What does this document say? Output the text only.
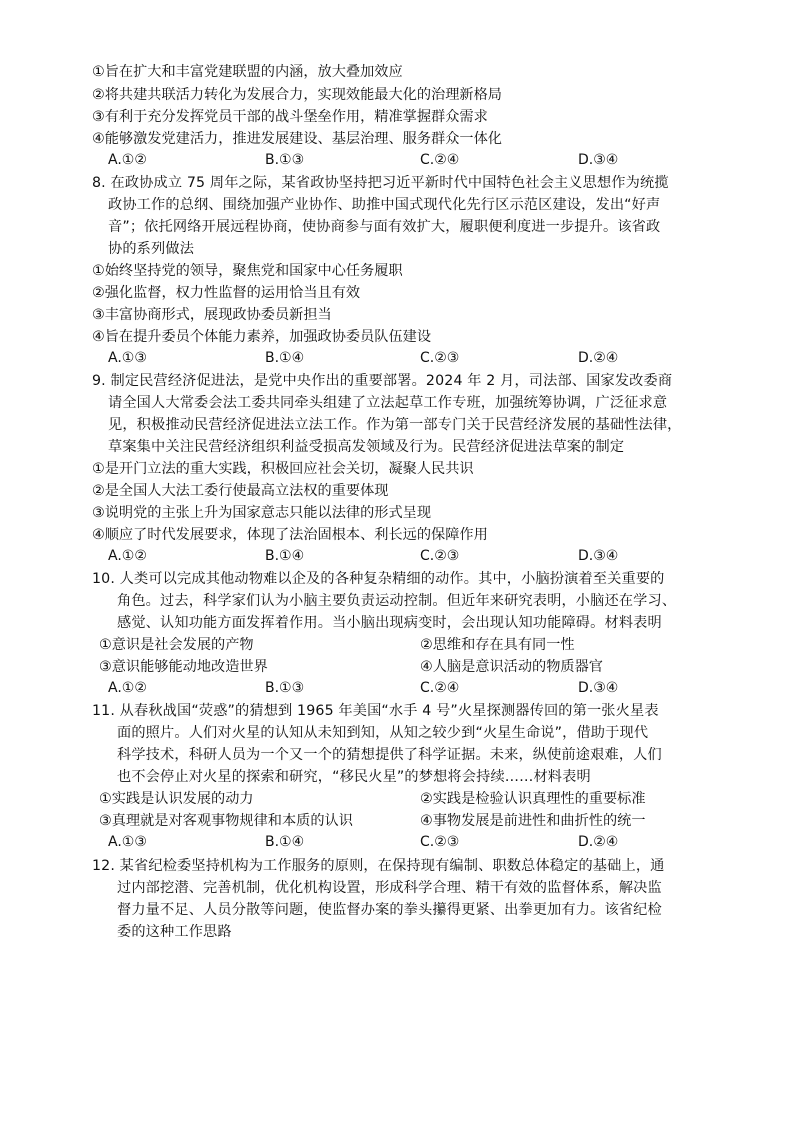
①旨在扩大和丰富党建联盟的内涵，放大叠加效应
②将共建共联活力转化为发展合力，实现效能最大化的治理新格局
③有利于充分发挥党员干部的战斗堡垒作用，精准掌握群众需求
④能够激发党建活力，推进发展建设、基层治理、服务群众一体化
A.①②	B.①③	C.②④	D.③④
8. 在政协成立 75 周年之际，某省政协坚持把习近平新时代中国特色社会主义思想作为统揽
政协工作的总纲、围绕加强产业协作、助推中国式现代化先行区示范区建设，发出“好声
音”；依托网络开展远程协商，使协商参与面有效扩大，履职便利度进一步提升。该省政
协的系列做法
①始终坚持党的领导，聚焦党和国家中心任务履职
②强化监督，权力性监督的运用恰当且有效
③丰富协商形式，展现政协委员新担当
④旨在提升委员个体能力素养，加强政协委员队伍建设
A.①③	B.①④	C.②③	D.②④
9. 制定民营经济促进法，是党中央作出的重要部署。2024 年 2 月，司法部、国家发改委商
请全国人大常委会法工委共同牵头组建了立法起草工作专班，加强统筹协调，广泛征求意
见，积极推动民营经济促进法立法工作。作为第一部专门关于民营经济发展的基础性法律，
草案集中关注民营经济组织利益受损高发领域及行为。民营经济促进法草案的制定
①是开门立法的重大实践，积极回应社会关切，凝聚人民共识
②是全国人大法工委行使最高立法权的重要体现
③说明党的主张上升为国家意志只能以法律的形式呈现
④顺应了时代发展要求，体现了法治固根本、利长远的保障作用
A.①②	B.①④	C.②③	D.③④
10. 人类可以完成其他动物难以企及的各种复杂精细的动作。其中，小脑扮演着至关重要的
角色。过去，科学家们认为小脑主要负责运动控制。但近年来研究表明，小脑还在学习、
感觉、认知功能方面发挥着作用。当小脑出现病变时，会出现认知功能障碍。材料表明
①意识是社会发展的产物	②思维和存在具有同一性
③意识能够能动地改造世界	④人脑是意识活动的物质器官
A.①②	B.①③	C.②④	D.③④
11. 从春秋战国“荧惑”的猜想到 1965 年美国“水手 4 号”火星探测器传回的第一张火星表
面的照片。人们对火星的认知从未知到知，从知之较少到“火星生命说”，借助于现代
科学技术，科研人员为一个又一个的猜想提供了科学证据。未来，纵使前途艰难，人们
也不会停止对火星的探索和研究，“移民火星”的梦想将会持续……材料表明
①实践是认识发展的动力	②实践是检验认识真理性的重要标准
③真理就是对客观事物规律和本质的认识	④事物发展是前进性和曲折性的统一
A.①③	B.①④	C.②③	D.②④
12. 某省纪检委坚持机构为工作服务的原则，在保持现有编制、职数总体稳定的基础上，通
过内部挖潜、完善机制，优化机构设置，形成科学合理、精干有效的监督体系，解决监
督力量不足、人员分散等问题，使监督办案的拳头攥得更紧、出拳更加有力。该省纪检
委的这种工作思路
